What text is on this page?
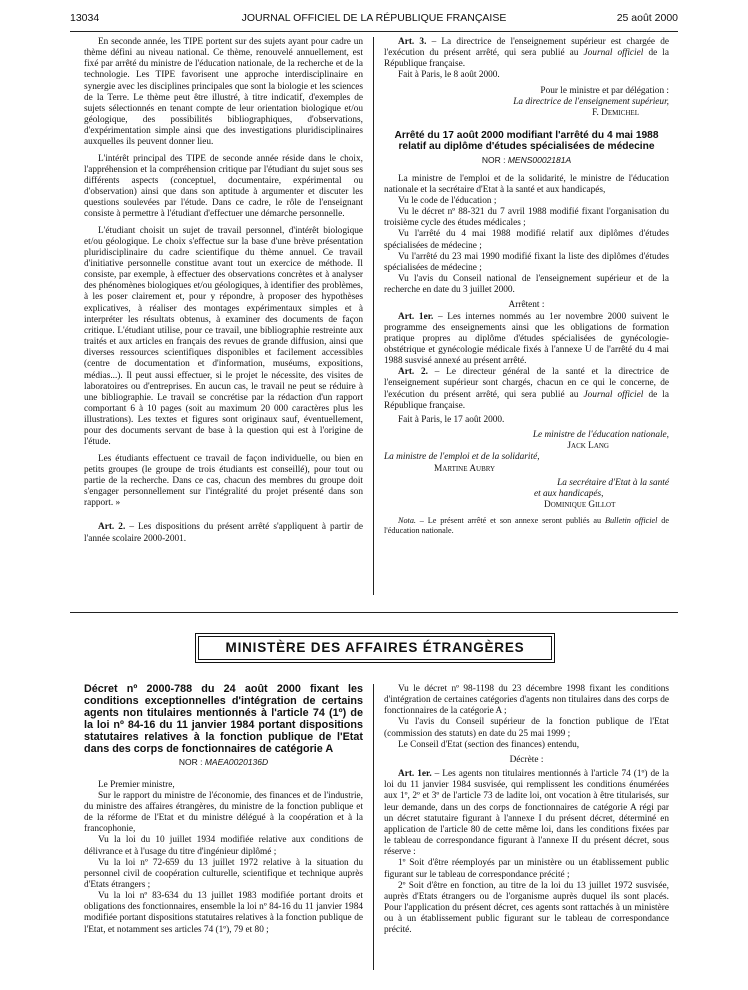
13034	JOURNAL OFFICIEL DE LA RÉPUBLIQUE FRANÇAISE	25 août 2000

En seconde année, les TIPE portent sur des sujets ayant pour cadre un thème défini au niveau national. Ce thème, renouvelé annuellement, est fixé par arrêté du ministre de l'éducation nationale, de la recherche et de la technologie. Les TIPE favorisent une approche interdisciplinaire en synergie avec les disciplines principales que sont la biologie et les sciences de la Terre. Le thème peut être illustré, à titre indicatif, d'exemples de sujets sélectionnés en tenant compte de leur orientation biologique et/ou géologique, des possibilités bibliographiques, d'observations, d'expérimentation simple ainsi que des investigations pluridisciplinaires auxquelles ils peuvent donner lieu.

L'intérêt principal des TIPE de seconde année réside dans le choix, l'appréhension et la compréhension critique par l'étudiant du sujet sous ses différents aspects (conceptuel, documentaire, expérimental ou d'observation) ainsi que dans son aptitude à argumenter et discuter les questions soulevées par l'étude. Dans ce cadre, le rôle de l'enseignant consiste à permettre à l'étudiant d'effectuer une démarche personnelle.

L'étudiant choisit un sujet de travail personnel, d'intérêt biologique et/ou géologique. Le choix s'effectue sur la base d'une brève présentation pluridisciplinaire du cadre scientifique du thème annuel. Ce travail d'initiative personnelle constitue avant tout un exercice de méthode. Il consiste, par exemple, à effectuer des observations concrètes et à analyser des phénomènes biologiques et/ou géologiques, à identifier des problèmes, à les poser clairement et, pour y répondre, à proposer des hypothèses explicatives, à réaliser des montages expérimentaux simples et à interpréter les résultats obtenus, à examiner des documents de façon critique. L'étudiant utilise, pour ce travail, une bibliographie restreinte aux traités et aux articles en français des revues de grande diffusion, ainsi que diverses ressources scientifiques disponibles et facilement accessibles (centre de documentation et d'information, muséums, expositions, médias...). Il peut aussi effectuer, si le projet le nécessite, des visites de laboratoires ou d'entreprises. En aucun cas, le travail ne peut se réduire à une bibliographie. Le travail se concrétise par la rédaction d'un rapport comportant 6 à 10 pages (soit au maximum 20 000 caractères plus les illustrations). Les textes et figures sont originaux sauf, éventuellement, pour des documents servant de base à la question qui est à l'origine de l'étude.

Les étudiants effectuent ce travail de façon individuelle, ou bien en petits groupes (le groupe de trois étudiants est conseillé), pour tout ou partie de la recherche. Dans ce cas, chacun des membres du groupe doit s'engager personnellement sur l'intégralité du projet présenté dans son rapport. »

Art. 2. – Les dispositions du présent arrêté s'appliquent à partir de l'année scolaire 2000-2001.

Art. 3. – La directrice de l'enseignement supérieur est chargée de l'exécution du présent arrêté, qui sera publié au Journal officiel de la République française.

Fait à Paris, le 8 août 2000.

Pour le ministre et par délégation :

La directrice de l'enseignement supérieur,

F. Demichel

Arrêté du 17 août 2000 modifiant l'arrêté du 4 mai 1988 relatif au diplôme d'études spécialisées de médecine

NOR : MENS0002181A

La ministre de l'emploi et de la solidarité, le ministre de l'éducation nationale et la secrétaire d'Etat à la santé et aux handicapés,

Vu le code de l'éducation ;

Vu le décret nº 88-321 du 7 avril 1988 modifié fixant l'organisation du troisième cycle des études médicales ;

Vu l'arrêté du 4 mai 1988 modifié relatif aux diplômes d'études spécialisées de médecine ;

Vu l'arrêté du 23 mai 1990 modifié fixant la liste des diplômes d'études spécialisées de médecine ;

Vu l'avis du Conseil national de l'enseignement supérieur et de la recherche en date du 3 juillet 2000.

Arrêtent :

Art. 1er. – Les internes nommés au 1er novembre 2000 suivent le programme des enseignements ainsi que les obligations de formation pratique propres au diplôme d'études spécialisées de gynécologie-obstétrique et gynécologie médicale fixés à l'annexe U de l'arrêté du 4 mai 1988 susvisé annexé au présent arrêté.

Art. 2. – Le directeur général de la santé et la directrice de l'enseignement supérieur sont chargés, chacun en ce qui le concerne, de l'exécution du présent arrêté, qui sera publié au Journal officiel de la République française.

Fait à Paris, le 17 août 2000.

Le ministre de l'éducation nationale,

Jack Lang

La ministre de l'emploi et de la solidarité,

Martine Aubry

La secrétaire d'Etat à la santé

et aux handicapés,

Dominique Gillot

Nota. – Le présent arrêté et son annexe seront publiés au Bulletin officiel de l'éducation nationale.

MINISTÈRE DES AFFAIRES ÉTRANGÈRES

Décret nº 2000-788 du 24 août 2000 fixant les conditions exceptionnelles d'intégration de certains agents non titulaires mentionnés à l'article 74 (1º) de la loi nº 84-16 du 11 janvier 1984 portant dispositions statutaires relatives à la fonction publique de l'Etat dans des corps de fonctionnaires de catégorie A

NOR : MAEA0020136D

Le Premier ministre,

Sur le rapport du ministre de l'économie, des finances et de l'industrie, du ministre des affaires étrangères, du ministre de la fonction publique et de la réforme de l'Etat et du ministre délégué à la coopération et à la francophonie,

Vu la loi du 10 juillet 1934 modifiée relative aux conditions de délivrance et à l'usage du titre d'ingénieur diplômé ;

Vu la loi nº 72-659 du 13 juillet 1972 relative à la situation du personnel civil de coopération culturelle, scientifique et technique auprès d'Etats étrangers ;

Vu la loi nº 83-634 du 13 juillet 1983 modifiée portant droits et obligations des fonctionnaires, ensemble la loi nº 84-16 du 11 janvier 1984 modifiée portant dispositions statutaires relatives à la fonction publique de l'Etat, et notamment ses articles 74 (1º), 79 et 80 ;

Vu le décret nº 98-1198 du 23 décembre 1998 fixant les conditions d'intégration de certaines catégories d'agents non titulaires dans des corps de fonctionnaires de la catégorie A ;

Vu l'avis du Conseil supérieur de la fonction publique de l'Etat (commission des statuts) en date du 25 mai 1999 ;

Le Conseil d'Etat (section des finances) entendu,

Décrète :

Art. 1er. – Les agents non titulaires mentionnés à l'article 74 (1º) de la loi du 11 janvier 1984 susvisée, qui remplissent les conditions énumérées aux 1º, 2º et 3º de l'article 73 de ladite loi, ont vocation à être titularisés, sur leur demande, dans un des corps de fonctionnaires de catégorie A régi par un décret statutaire figurant à l'annexe I du présent décret, déterminé en application de l'article 80 de cette même loi, dans les conditions fixées par le tableau de correspondance figurant à l'annexe II du présent décret, sous réserve :

1º Soit d'être réemployés par un ministère ou un établissement public figurant sur le tableau de correspondance précité ;

2º Soit d'être en fonction, au titre de la loi du 13 juillet 1972 susvisée, auprès d'Etats étrangers ou de l'organisme auprès duquel ils sont placés. Pour l'application du présent décret, ces agents sont rattachés à un ministère ou à un établissement public figurant sur le tableau de correspondance précité.
